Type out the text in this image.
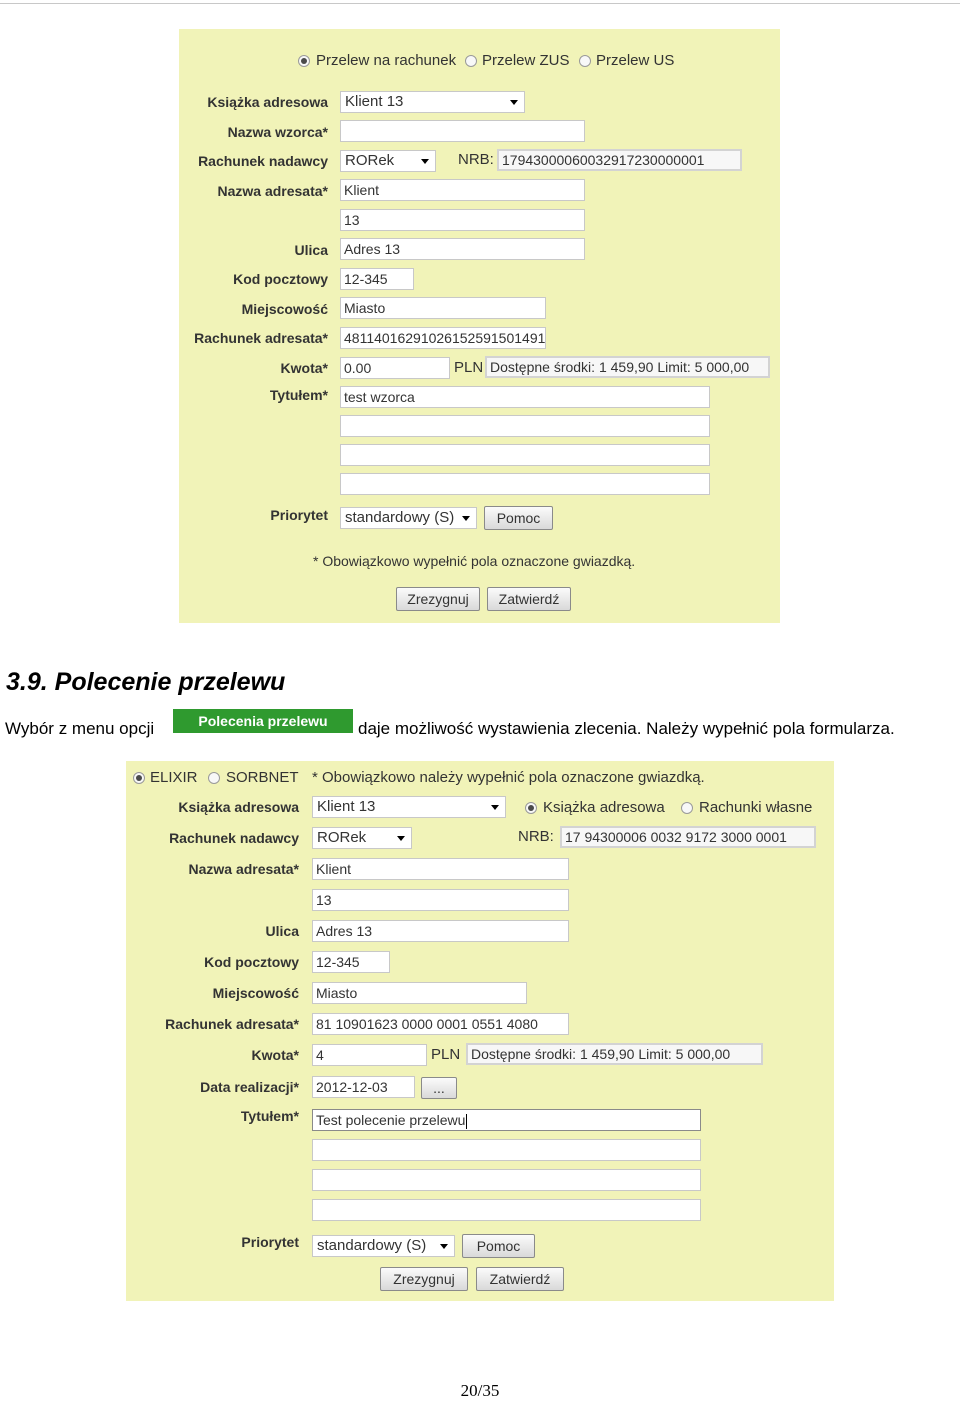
Przelew na rachunek Przelew ZUS Przelew US
Książka adresowa	Klient 13
Nazwa wzorca*
Rachunek nadawcy	RORek	NRB: 17943000060032917230000001
Nazwa adresata* Klient
13
Ulica Adres 13
Kod pocztowy 12-345
Miejscowość Miasto
Rachunek adresata* 48114016291026152591501491
Kwota* 0.00	PLN Dostępne środki: 1 459,90 Limit: 5 000,00
Tytułem* test wzorca
Priorytet	standardowy (S)	Pomoc
* Obowiązkowo wypełnić pola oznaczone gwiazdką.
Zrezygnuj	Zatwierdź
3.9. Polecenie przelewu
Wybór z menu opcji	Polecenia przelewu	daje możliwość wystawienia zlecenia. Należy wypełnić pola formularza.
ELIXIR SORBNET * Obowiązkowo należy wypełnić pola oznaczone gwiazdką.
Książka adresowa	Klient 13	Książka adresowa Rachunki własne
Rachunek nadawcy	RORek	NRB: 17 94300006 0032 9172 3000 0001
Nazwa adresata* Klient
13
Ulica Adres 13
Kod pocztowy 12-345
Miejscowość Miasto
Rachunek adresata* 81 10901623 0000 0001 0551 4080
Kwota* 4	PLN Dostępne środki: 1 459,90 Limit: 5 000,00
Data realizacji* 2012-12-03	...
Tytułem* Test polecenie przelewu
Priorytet	standardowy (S)	Pomoc
Zrezygnuj	Zatwierdź
20/35
